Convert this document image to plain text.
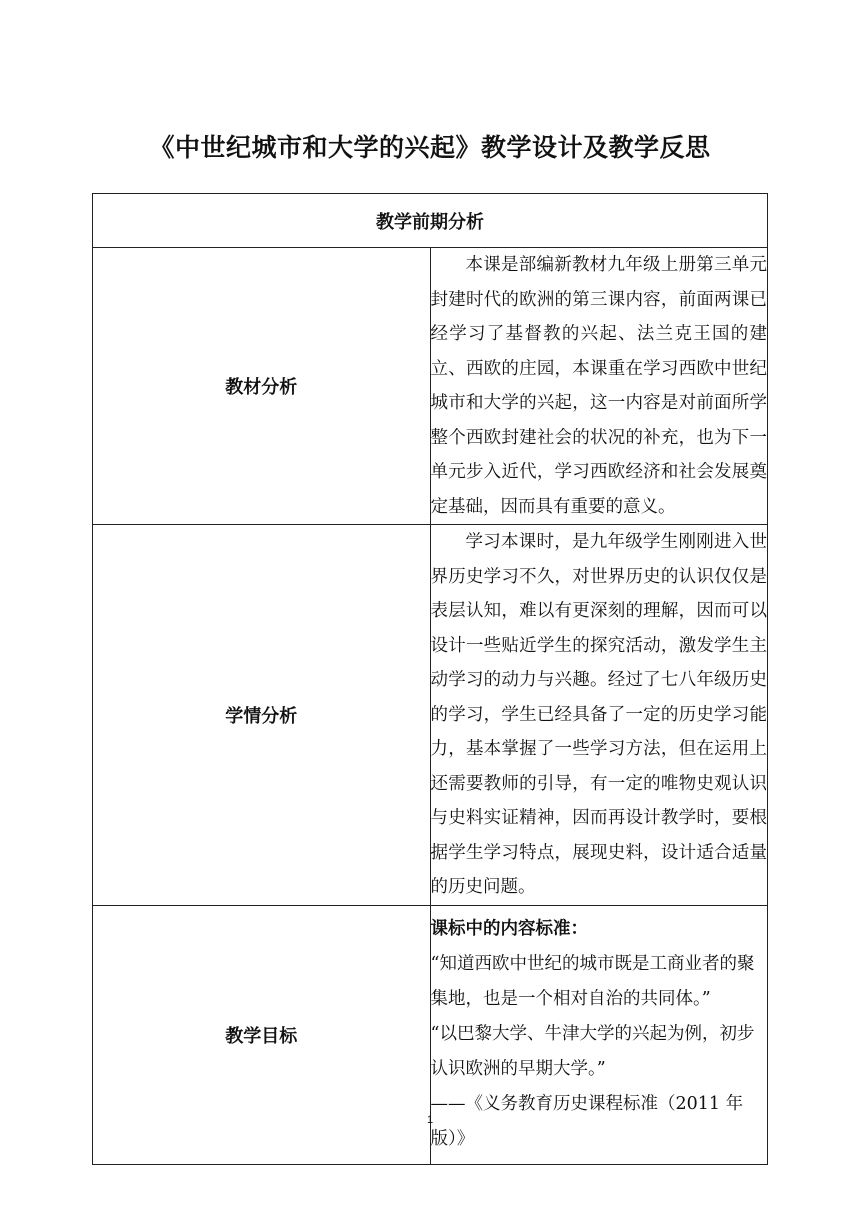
《中世纪城市和大学的兴起》教学设计及教学反思
教学前期分析	
教材分析	本课是部编新教材九年级上册第三单元封建时代的欧洲的第三课内容，前面两课已经学习了基督教的兴起、法兰克王国的建立、西欧的庄园，本课重在学习西欧中世纪城市和大学的兴起，这一内容是对前面所学整个西欧封建社会的状况的补充，也为下一单元步入近代，学习西欧经济和社会发展奠定基础，因而具有重要的意义。

学情分析	学习本课时，是九年级学生刚刚进入世界历史学习不久，对世界历史的认识仅仅是表层认知，难以有更深刻的理解，因而可以设计一些贴近学生的探究活动，激发学生主动学习的动力与兴趣。经过了七八年级历史的学习，学生已经具备了一定的历史学习能力，基本掌握了一些学习方法，但在运用上还需要教师的引导，有一定的唯物史观认识与史料实证精神，因而再设计教学时，要根据学生学习特点，展现史料，设计适合适量的历史问题。

教学目标	课标中的内容标准：
“知道西欧中世纪的城市既是工商业者的聚集地，也是一个相对自治的共同体。”
“以巴黎大学、牛津大学的兴起为例，初步认识欧洲的早期大学。”
——《义务教育历史课程标准（2011 年版）》
1
